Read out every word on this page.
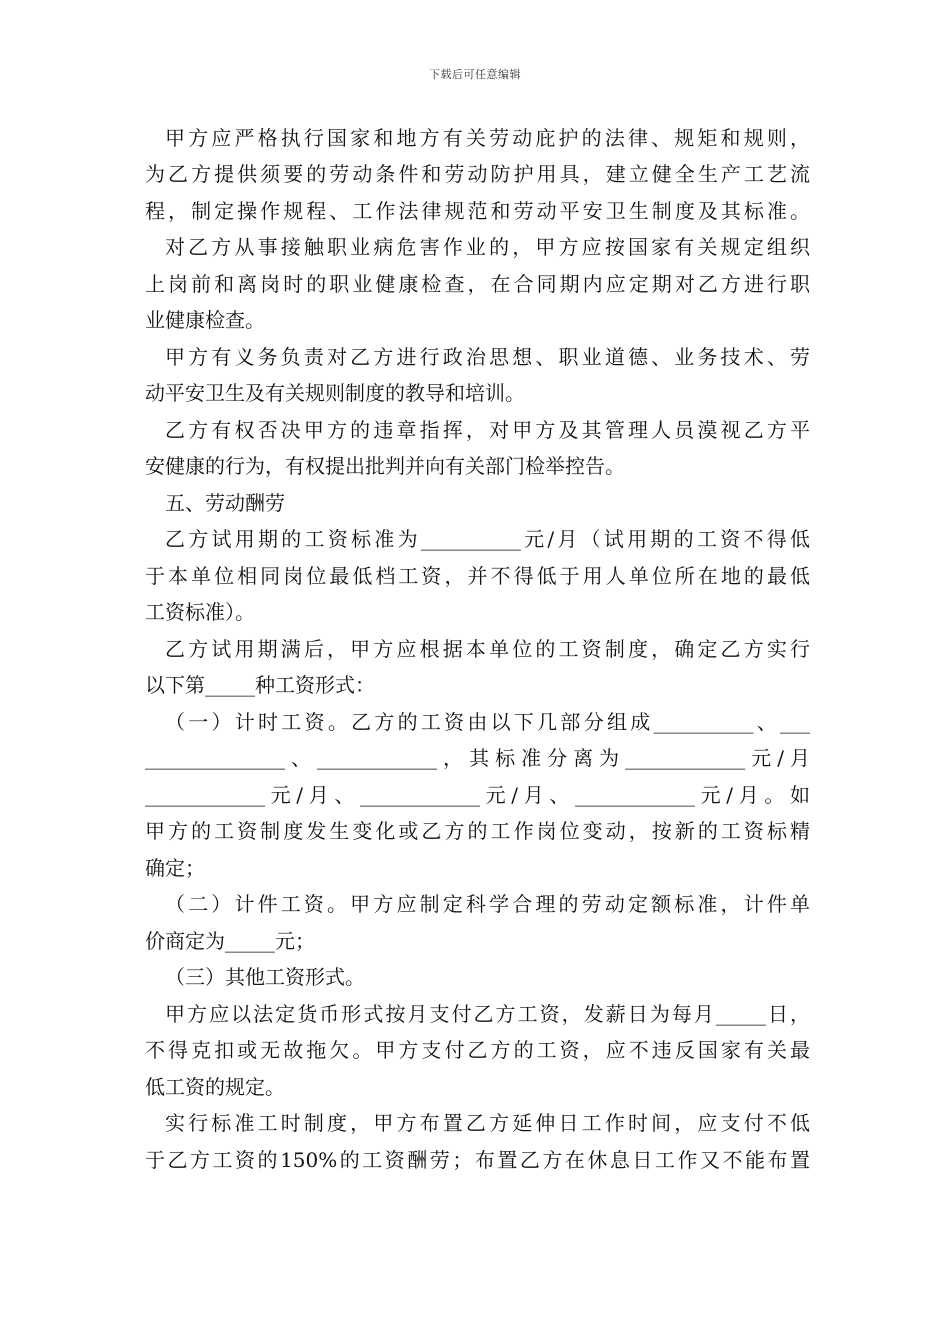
下载后可任意编辑
甲方应严格执行国家和地方有关劳动庇护的法律、规矩和规则，
为乙方提供须要的劳动条件和劳动防护用具，建立健全生产工艺流
程，制定操作规程、工作法律规范和劳动平安卫生制度及其标准。
对乙方从事接触职业病危害作业的，甲方应按国家有关规定组织
上岗前和离岗时的职业健康检查，在合同期内应定期对乙方进行职
业健康检查。
甲方有义务负责对乙方进行政治思想、职业道德、业务技术、劳
动平安卫生及有关规则制度的教导和培训。
乙方有权否决甲方的违章指挥，对甲方及其管理人员漠视乙方平
安健康的行为，有权提出批判并向有关部门检举控告。
五、劳动酬劳
乙方试用期的工资标准为__________元/月（试用期的工资不得低
于本单位相同岗位最低档工资，并不得低于用人单位所在地的最低
工资标准）。
乙方试用期满后，甲方应根据本单位的工资制度，确定乙方实行
以下第_____种工资形式：
（一）计时工资。乙方的工资由以下几部分组成__________、___
______________、____________，其标准分离为____________元/月
____________元/月、____________元/月、____________元/月。如
甲方的工资制度发生变化或乙方的工作岗位变动，按新的工资标精
确定；
（二）计件工资。甲方应制定科学合理的劳动定额标准，计件单
价商定为_____元；
（三）其他工资形式。
甲方应以法定货币形式按月支付乙方工资，发薪日为每月_____日，
不得克扣或无故拖欠。甲方支付乙方的工资，应不违反国家有关最
低工资的规定。
实行标准工时制度，甲方布置乙方延伸日工作时间，应支付不低
于乙方工资的150%的工资酬劳；布置乙方在休息日工作又不能布置
